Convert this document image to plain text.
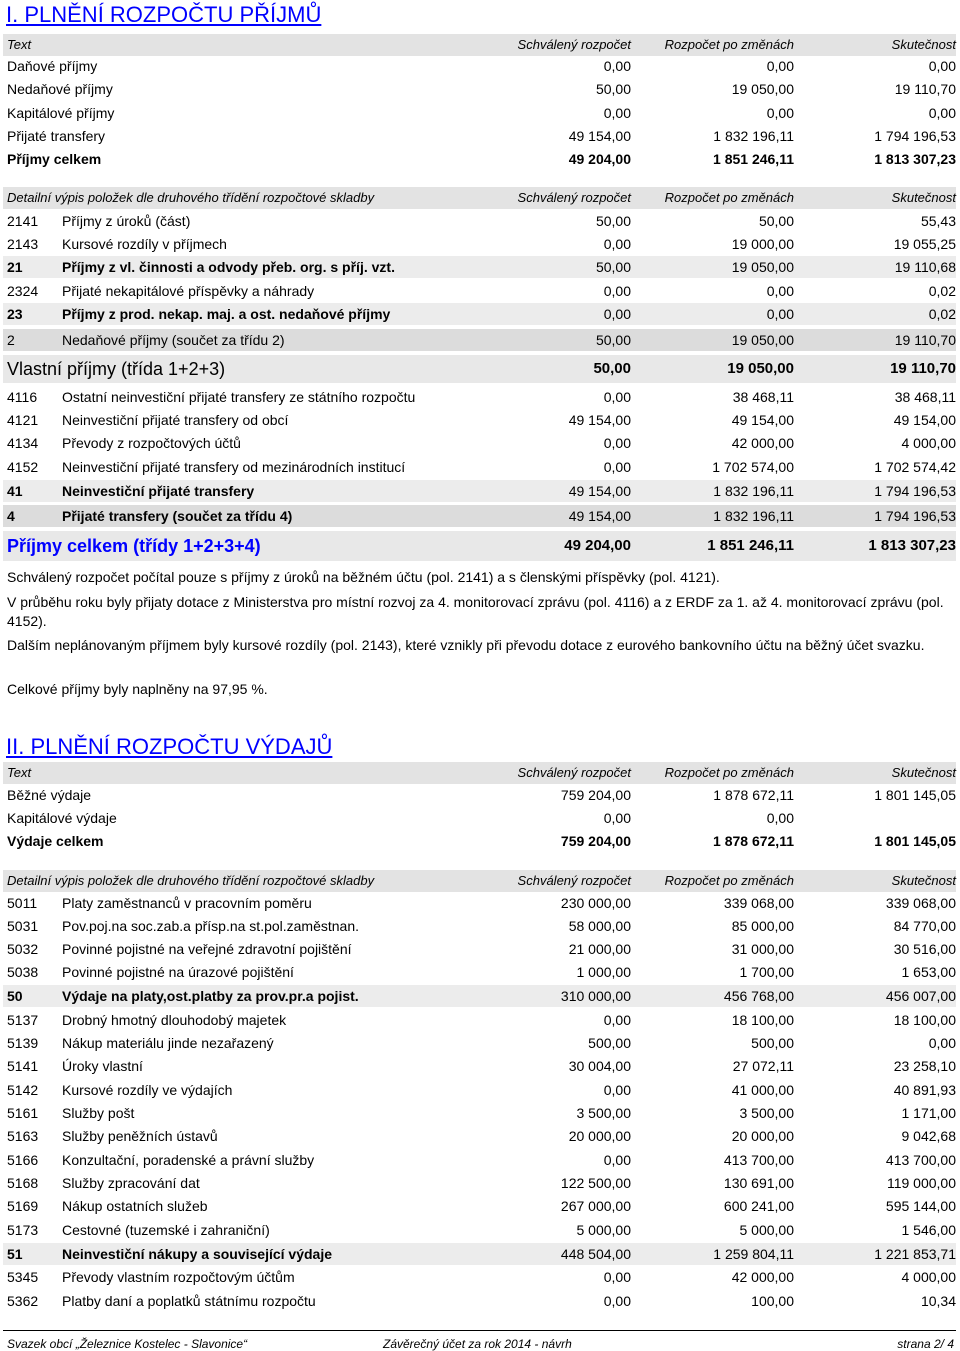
I. PLNĚNÍ ROZPOČTU PŘÍJMŮ
Text	Schválený rozpočet	Rozpočet po změnách	Skutečnost
Daňové příjmy	0,00	0,00	0,00
Nedaňové příjmy	50,00	19 050,00	19 110,70
Kapitálové příjmy	0,00	0,00	0,00
Přijaté transfery	49 154,00	1 832 196,11	1 794 196,53
Příjmy celkem	49 204,00	1 851 246,11	1 813 307,23
Detailní výpis položek dle druhového třídění rozpočtové skladby	Schválený rozpočet	Rozpočet po změnách	Skutečnost
2141 Příjmy z úroků (část)	50,00	50,00	55,43
2143 Kursové rozdíly v příjmech	0,00	19 000,00	19 055,25
21	Příjmy z vl. činnosti a odvody přeb. org. s příj. vzt.	50,00	19 050,00	19 110,68
2324 Přijaté nekapitálové příspěvky a náhrady	0,00	0,00	0,02
23	Příjmy z prod. nekap. maj. a ost. nedaňové příjmy	0,00	0,00	0,02
2	Nedaňové příjmy (součet za třídu 2)	50,00	19 050,00	19 110,70
Vlastní příjmy (třída 1+2+3)	50,00	19 050,00	19 110,70
4116 Ostatní neinvestiční přijaté transfery ze státního rozpočtu	0,00	38 468,11	38 468,11
4121 Neinvestiční přijaté transfery od obcí	49 154,00	49 154,00	49 154,00
4134 Převody z rozpočtových účtů	0,00	42 000,00	4 000,00
4152 Neinvestiční přijaté transfery od mezinárodních institucí	0,00	1 702 574,00	1 702 574,42
41	Neinvestiční přijaté transfery	49 154,00	1 832 196,11	1 794 196,53
4	Přijaté transfery (součet za třídu 4)	49 154,00	1 832 196,11	1 794 196,53
Příjmy celkem (třídy 1+2+3+4)	49 204,00	1 851 246,11	1 813 307,23
Schválený rozpočet počítal pouze s příjmy z úroků na běžném účtu (pol. 2141) a s členskými příspěvky (pol. 4121).
V průběhu roku byly přijaty dotace z Ministerstva pro místní rozvoj za 4. monitorovací zprávu (pol. 4116) a z ERDF za 1. až 4. monitorovací zprávu (pol. 4152).
Dalším neplánovaným příjmem byly kursové rozdíly (pol. 2143), které vznikly při převodu dotace z eurového bankovního účtu na běžný účet svazku.
Celkové příjmy byly naplněny na 97,95 %.
II. PLNĚNÍ ROZPOČTU VÝDAJŮ
Text	Schválený rozpočet	Rozpočet po změnách	Skutečnost
Běžné výdaje	759 204,00	1 878 672,11	1 801 145,05
Kapitálové výdaje	0,00	0,00
Výdaje celkem	759 204,00	1 878 672,11	1 801 145,05
Detailní výpis položek dle druhového třídění rozpočtové skladby	Schválený rozpočet	Rozpočet po změnách	Skutečnost
5011 Platy zaměstnanců v pracovním poměru	230 000,00	339 068,00	339 068,00
5031 Pov.poj.na soc.zab.a přísp.na st.pol.zaměstnan.	58 000,00	85 000,00	84 770,00
5032 Povinné pojistné na veřejné zdravotní pojištění	21 000,00	31 000,00	30 516,00
5038 Povinné pojistné na úrazové pojištění	1 000,00	1 700,00	1 653,00
50	Výdaje na platy,ost.platby za prov.pr.a pojist.	310 000,00	456 768,00	456 007,00
5137 Drobný hmotný dlouhodobý majetek	0,00	18 100,00	18 100,00
5139 Nákup materiálu jinde nezařazený	500,00	500,00	0,00
5141 Úroky vlastní	30 004,00	27 072,11	23 258,10
5142 Kursové rozdíly ve výdajích	0,00	41 000,00	40 891,93
5161 Služby pošt	3 500,00	3 500,00	1 171,00
5163 Služby peněžních ústavů	20 000,00	20 000,00	9 042,68
5166 Konzultační, poradenské a právní služby	0,00	413 700,00	413 700,00
5168 Služby zpracování dat	122 500,00	130 691,00	119 000,00
5169 Nákup ostatních služeb	267 000,00	600 241,00	595 144,00
5173 Cestovné (tuzemské i zahraniční)	5 000,00	5 000,00	1 546,00
51	Neinvestiční nákupy a související výdaje	448 504,00	1 259 804,11	1 221 853,71
5345 Převody vlastním rozpočtovým účtům	0,00	42 000,00	4 000,00
5362 Platby daní a poplatků státnímu rozpočtu	0,00	100,00	10,34
Svazek obcí „Železnice Kostelec - Slavonice“	Závěrečný účet za rok 2014 - návrh	strana 2/ 4
